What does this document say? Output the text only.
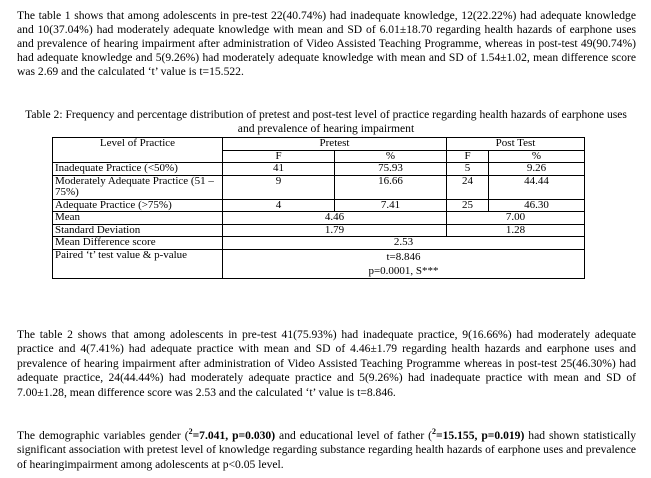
The table 1 shows that among adolescents in pre-test 22(40.74%) had inadequate knowledge, 12(22.22%) had adequate knowledge and 10(37.04%) had moderately adequate knowledge with mean and SD of 6.01±18.70 regarding health hazards of earphone uses and prevalence of hearing impairment after administration of Video Assisted Teaching Programme, whereas in post-test 49(90.74%) had adequate knowledge and 5(9.26%) had moderately adequate knowledge with mean and SD of 1.54±1.02, mean difference score was 2.69 and the calculated ‘t’ value is t=15.522.

Table 2: Frequency and percentage distribution of pretest and post-test level of practice regarding health hazards of earphone uses and prevalence of hearing impairment

Level of Practice	Pretest		Post Test	
	F	%	F	%
Inadequate Practice (<50%)	41	75.93	5	9.26
Moderately Adequate Practice (51 – 75%)	9	16.66	24	44.44
Adequate Practice (>75%)	4	7.41	25	46.30
Mean	4.46		7.00	
Standard Deviation	1.79		1.28	
Mean Difference score	2.53			
Paired ‘t’ test value & p-value	t=8.846
p=0.0001, S***			

The table 2 shows that among adolescents in pre-test 41(75.93%) had inadequate practice, 9(16.66%) had moderately adequate practice and 4(7.41%) had adequate practice with mean and SD of 4.46±1.79 regarding health hazards and earphone uses and prevalence of hearing impairment after administration of Video Assisted Teaching Programme whereas in post-test 25(46.30%) had adequate practice, 24(44.44%) had moderately adequate practice and 5(9.26%) had inadequate practice with mean and SD of 7.00±1.28, mean difference score was 2.53 and the calculated ‘t’ value is t=8.846.

The demographic variables gender ($^2$=7.041, p=0.030) and educational level of father ($^2$=15.155, p=0.019) had shown statistically significant association with pretest level of knowledge regarding substance regarding health hazards of earphone uses and prevalence of hearingimpairment among adolescents at p<0.05 level.
